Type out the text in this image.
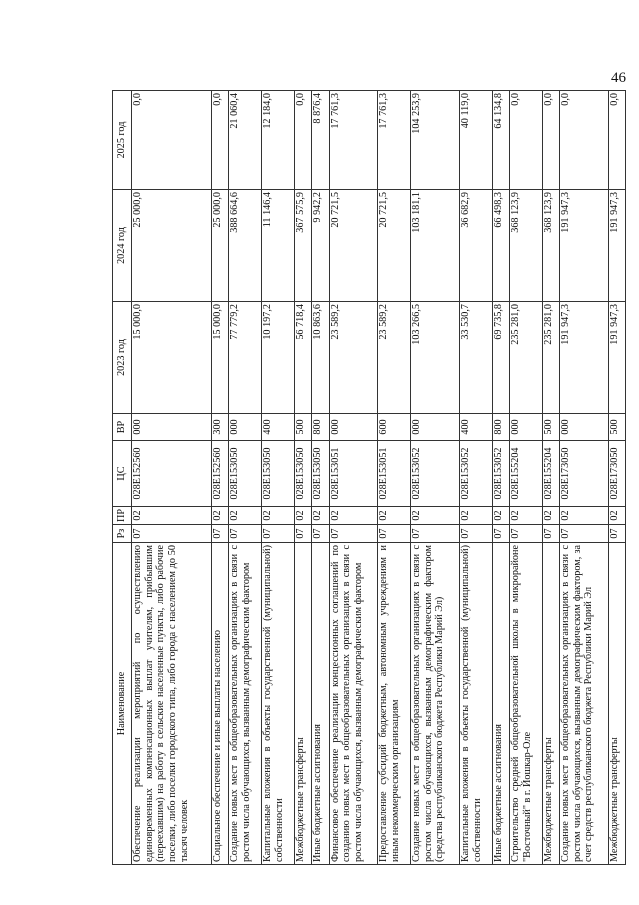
46
Наименование	Рз	ПР	ЦС	ВР	2023 год	2024 год	2025 год
Обеспечение реализации мероприятий по осуществлению единовременных компенсационных выплат учителям, прибывшим (переехавшим) на работу в сельские населенные пункты, либо рабочие поселки, либо поселки городского типа, либо города с населением до 50 тысяч человек	07	02	028E152560	000	15 000,0	25 000,0	0,0
Социальное обеспечение и иные выплаты населению	07	02	028E152560	300	15 000,0	25 000,0	0,0
Создание новых мест в общеобразовательных организациях в связи с ростом числа обучающихся, вызванным демографическим фактором	07	02	028E153050	000	77 779,2	388 664,6	21 060,4
Капитальные вложения в объекты государственной (муниципальной) собственности	07	02	028E153050	400	10 197,2	11 146,4	12 184,0
Межбюджетные трансферты	07	02	028E153050	500	56 718,4	367 575,9	0,0
Иные бюджетные ассигнования	07	02	028E153050	800	10 863,6	9 942,2	8 876,4
Финансовое обеспечение реализации концессионных соглашений по созданию новых мест в общеобразовательных организациях в связи с ростом числа обучающихся, вызванным демографическим фактором	07	02	028E153051	000	23 589,2	20 721,5	17 761,3
Предоставление субсидий бюджетным, автономным учреждениям и иным некоммерческим организациям	07	02	028E153051	600	23 589,2	20 721,5	17 761,3
Создание новых мест в общеобразовательных организациях в связи с ростом числа обучающихся, вызванным демографическим фактором (средства республиканского бюджета Республики Марий Эл)	07	02	028E153052	000	103 266,5	103 181,1	104 253,9
Капитальные вложения в объекты государственной (муниципальной) собственности	07	02	028E153052	400	33 530,7	36 682,9	40 119,0
Иные бюджетные ассигнования	07	02	028E153052	800	69 735,8	66 498,3	64 134,8
Строительство средней общеобразовательной школы в микрорайоне "Восточный" в г. Йошкар-Оле	07	02	028E155204	000	235 281,0	368 123,9	0,0
Межбюджетные трансферты	07	02	028E155204	500	235 281,0	368 123,9	0,0
Создание новых мест в общеобразовательных организациях в связи с ростом числа обучающихся, вызванным демографическим фактором, за счет средств республиканского бюджета Республики Марий Эл	07	02	028E173050	000	191 947,3	191 947,3	0,0
Межбюджетные трансферты	07	02	028E173050	500	191 947,3	191 947,3	0,0
